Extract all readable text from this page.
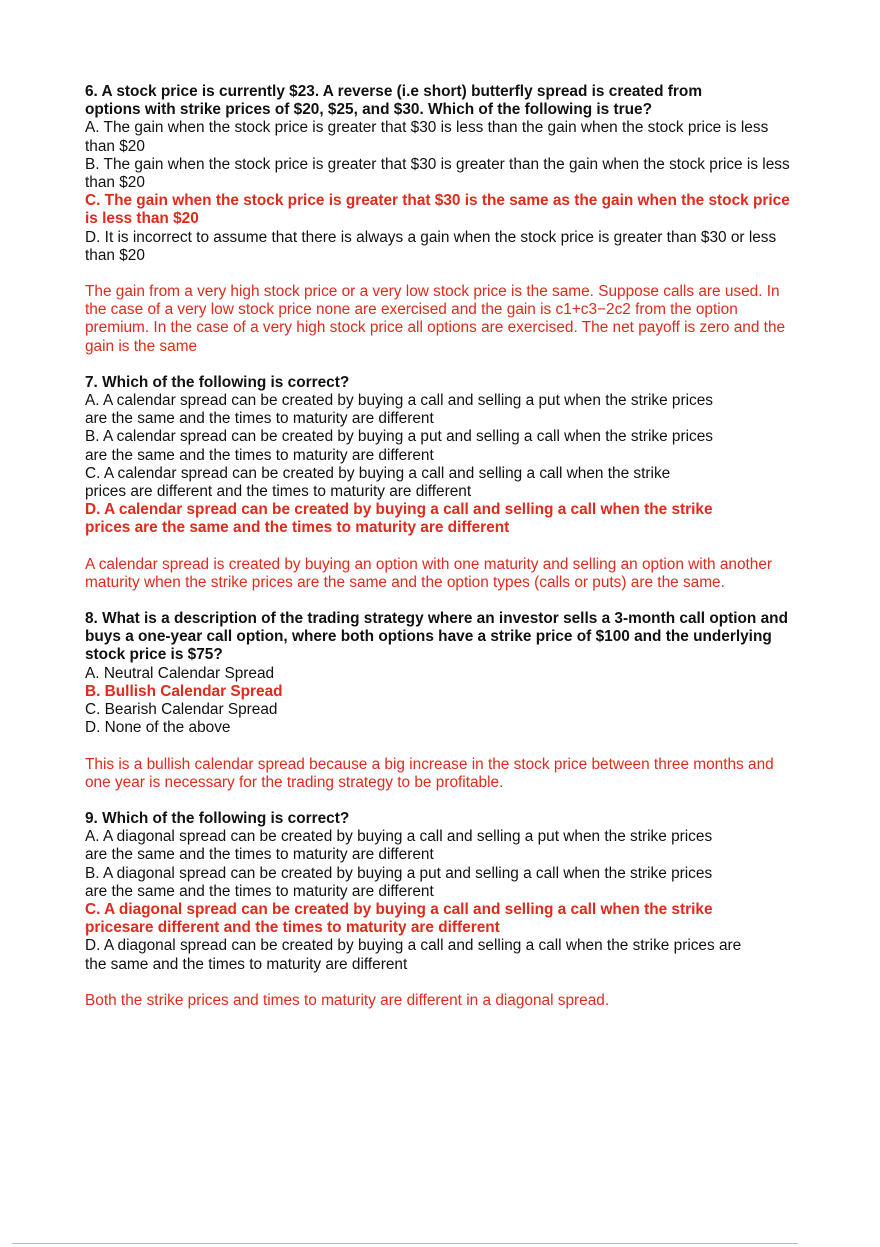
6. A stock price is currently $23. A reverse (i.e short) butterfly spread is created from options with strike prices of $20, $25, and $30. Which of the following is true?
A. The gain when the stock price is greater that $30 is less than the gain when the stock price is less than $20
B. The gain when the stock price is greater that $30 is greater than the gain when the stock price is less than $20
C. The gain when the stock price is greater that $30 is the same as the gain when the stock price is less than $20
D. It is incorrect to assume that there is always a gain when the stock price is greater than $30 or less than $20
The gain from a very high stock price or a very low stock price is the same. Suppose calls are used. In the case of a very low stock price none are exercised and the gain is c1+c3−2c2 from the option premium. In the case of a very high stock price all options are exercised. The net payoff is zero and the gain is the same
7. Which of the following is correct?
A. A calendar spread can be created by buying a call and selling a put when the strike prices are the same and the times to maturity are different
B. A calendar spread can be created by buying a put and selling a call when the strike prices are the same and the times to maturity are different
C. A calendar spread can be created by buying a call and selling a call when the strike prices are different and the times to maturity are different
D. A calendar spread can be created by buying a call and selling a call when the strike prices are the same and the times to maturity are different
A calendar spread is created by buying an option with one maturity and selling an option with another maturity when the strike prices are the same and the option types (calls or puts) are the same.
8. What is a description of the trading strategy where an investor sells a 3-month call option and buys a one-year call option, where both options have a strike price of $100 and the underlying stock price is $75?
A. Neutral Calendar Spread
B. Bullish Calendar Spread
C. Bearish Calendar Spread
D. None of the above
This is a bullish calendar spread because a big increase in the stock price between three months and one year is necessary for the trading strategy to be profitable.
9. Which of the following is correct?
A. A diagonal spread can be created by buying a call and selling a put when the strike prices are the same and the times to maturity are different
B. A diagonal spread can be created by buying a put and selling a call when the strike prices are the same and the times to maturity are different
C. A diagonal spread can be created by buying a call and selling a call when the strike pricesare different and the times to maturity are different
D. A diagonal spread can be created by buying a call and selling a call when the strike prices are the same and the times to maturity are different
Both the strike prices and times to maturity are different in a diagonal spread.
